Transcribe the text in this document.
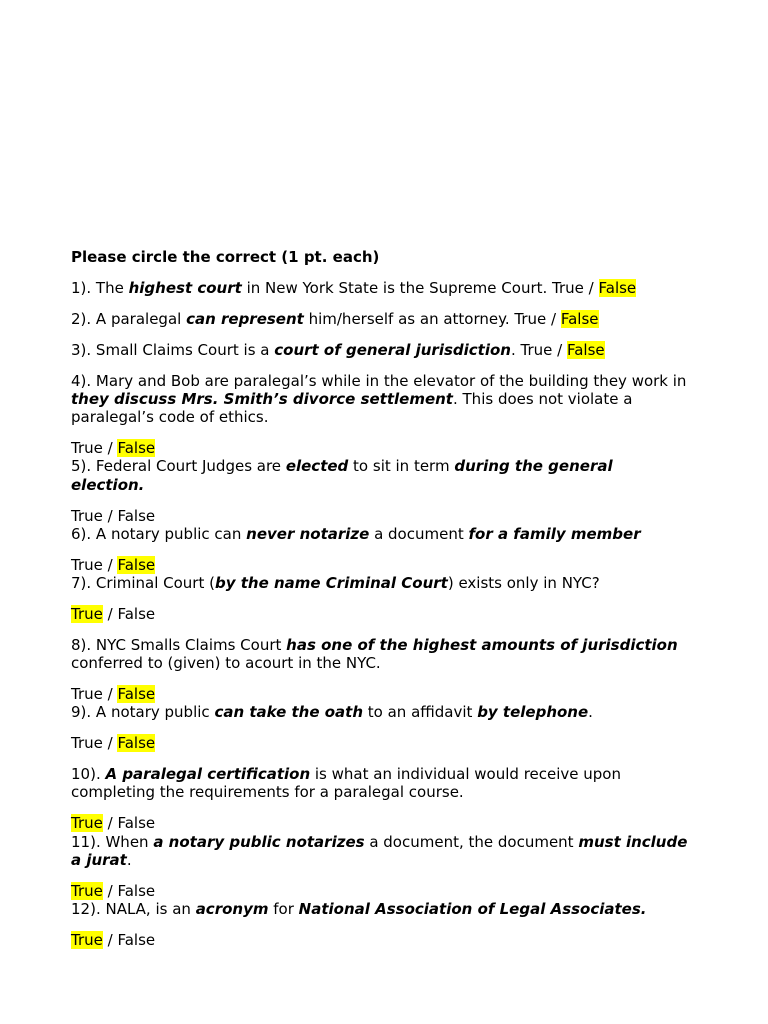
Please circle the correct (1 pt. each)
1). The highest court in New York State is the Supreme Court. True / False
2). A paralegal can represent him/herself as an attorney. True / False
3). Small Claims Court is a court of general jurisdiction. True / False
4). Mary and Bob are paralegal’s while in the elevator of the building they work in
they discuss Mrs. Smith’s divorce settlement. This does not violate a
paralegal’s code of ethics.
True / False
5). Federal Court Judges are elected to sit in term during the general
election.
True / False
6). A notary public can never notarize a document for a family member
True / False
7). Criminal Court (by the name Criminal Court) exists only in NYC?
True / False
8). NYC Smalls Claims Court has one of the highest amounts of jurisdiction
conferred to (given) to acourt in the NYC.
True / False
9). A notary public can take the oath to an affidavit by telephone.
True / False
10). A paralegal certification is what an individual would receive upon
completing the requirements for a paralegal course.
True / False
11). When a notary public notarizes a document, the document must include
a jurat.
True / False
12). NALA, is an acronym for National Association of Legal Associates.
True / False
